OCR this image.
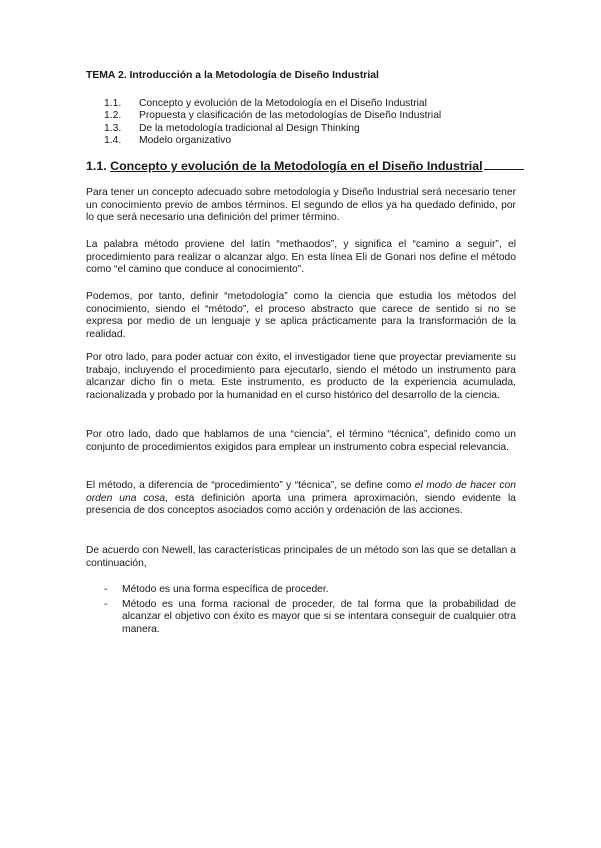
TEMA 2. Introducción a la Metodología de Diseño Industrial
1.1. Concepto y evolución de la Metodología en el Diseño Industrial
1.2. Propuesta y clasificación de las metodologías de Diseño Industrial
1.3. De la metodología tradicional al Design Thinking
1.4. Modelo organizativo
1.1. Concepto y evolución de la Metodología en el Diseño Industrial

Para tener un concepto adecuado sobre metodología y Diseño Industrial será necesario tener un conocimiento previo de ambos términos. El segundo de ellos ya ha quedado definido, por lo que será necesario una definición del primer término.

La palabra método proviene del latín “methaodos”, y significa el “camino a seguir”, el procedimiento para realizar o alcanzar algo. En esta línea Eli de Gonari nos define el método como “el camino que conduce al conocimiento”.

Podemos, por tanto, definir “metodología” como la ciencia que estudia los métodos del conocimiento, siendo el “método”, el proceso abstracto que carece de sentido si no se expresa por medio de un lenguaje y se aplica prácticamente para la transformación de la realidad.

Por otro lado, para poder actuar con éxito, el investigador tiene que proyectar previamente su trabajo, incluyendo el procedimiento para ejecutarlo, siendo el método un instrumento para alcanzar dicho fin o meta. Este instrumento, es producto de la experiencia acumulada, racionalizada y probado por la humanidad en el curso histórico del desarrollo de la ciencia.

Por otro lado, dado que hablamos de una “ciencia”, el término “técnica”, definido como un conjunto de procedimientos exigidos para emplear un instrumento cobra especial relevancia.

El método, a diferencia de “procedimiento” y “técnica”, se define como el modo de hacer con orden una cosa, esta definición aporta una primera aproximación, siendo evidente la presencia de dos conceptos asociados como acción y ordenación de las acciones.

De acuerdo con Newell, las características principales de un método son las que se detallan a continuación,

- Método es una forma específica de proceder.
- Método es una forma racional de proceder, de tal forma que la probabilidad de alcanzar el objetivo con éxito es mayor que si se intentara conseguir de cualquier otra manera.
